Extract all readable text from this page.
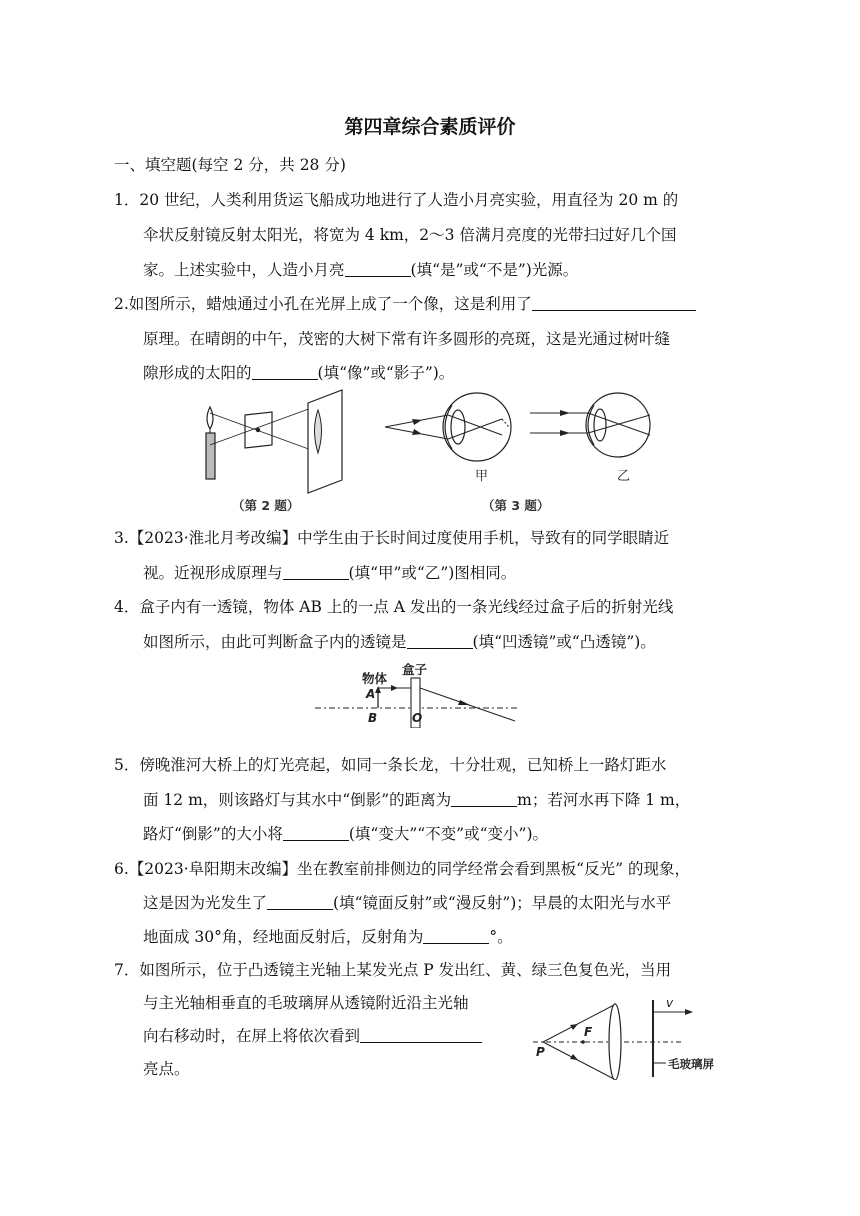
第四章综合素质评价
一、填空题(每空 2 分，共 28 分)
1．20 世纪，人类利用货运飞船成功地进行了人造小月亮实验，用直径为 20 m 的
伞状反射镜反射太阳光，将宽为 4 km，2～3 倍满月亮度的光带扫过好几个国
家。上述实验中，人造小月亮	(填“是”或“不是”)光源。
2.如图所示，蜡烛通过小孔在光屏上成了一个像，这是利用了
原理。在晴朗的中午，茂密的大树下常有许多圆形的亮斑，这是光通过树叶缝
隙形成的太阳的	(填“像”或“影子”)。
（第 2 题）
甲	乙
（第 3 题）
3.【2023·淮北月考改编】中学生由于长时间过度使用手机，导致有的同学眼睛近
视。近视形成原理与	(填“甲”或“乙”)图相同。
4．盒子内有一透镜，物体 AB 上的一点 A 发出的一条光线经过盒子后的折射光线
如图所示，由此可判断盒子内的透镜是	(填“凹透镜”或“凸透镜”)。
物体
盒子
A
B	O
5．傍晚淮河大桥上的灯光亮起，如同一条长龙，十分壮观，已知桥上一路灯距水
面 12 m，则该路灯与其水中“倒影”的距离为	m；若河水再下降 1 m，
路灯“倒影”的大小将	(填“变大”“不变”或“变小”)。
6.【2023·阜阳期末改编】坐在教室前排侧边的同学经常会看到黑板“反光” 的现象，
这是因为光发生了	(填“镜面反射”或“漫反射”)；早晨的太阳光与水平
地面成 30°角，经地面反射后，反射角为	°。
7．如图所示，位于凸透镜主光轴上某发光点 P 发出红、黄、绿三色复色光，当用
与主光轴相垂直的毛玻璃屏从透镜附近沿主光轴
向右移动时，在屏上将依次看到
亮点。
v
F
P
毛玻璃屏
